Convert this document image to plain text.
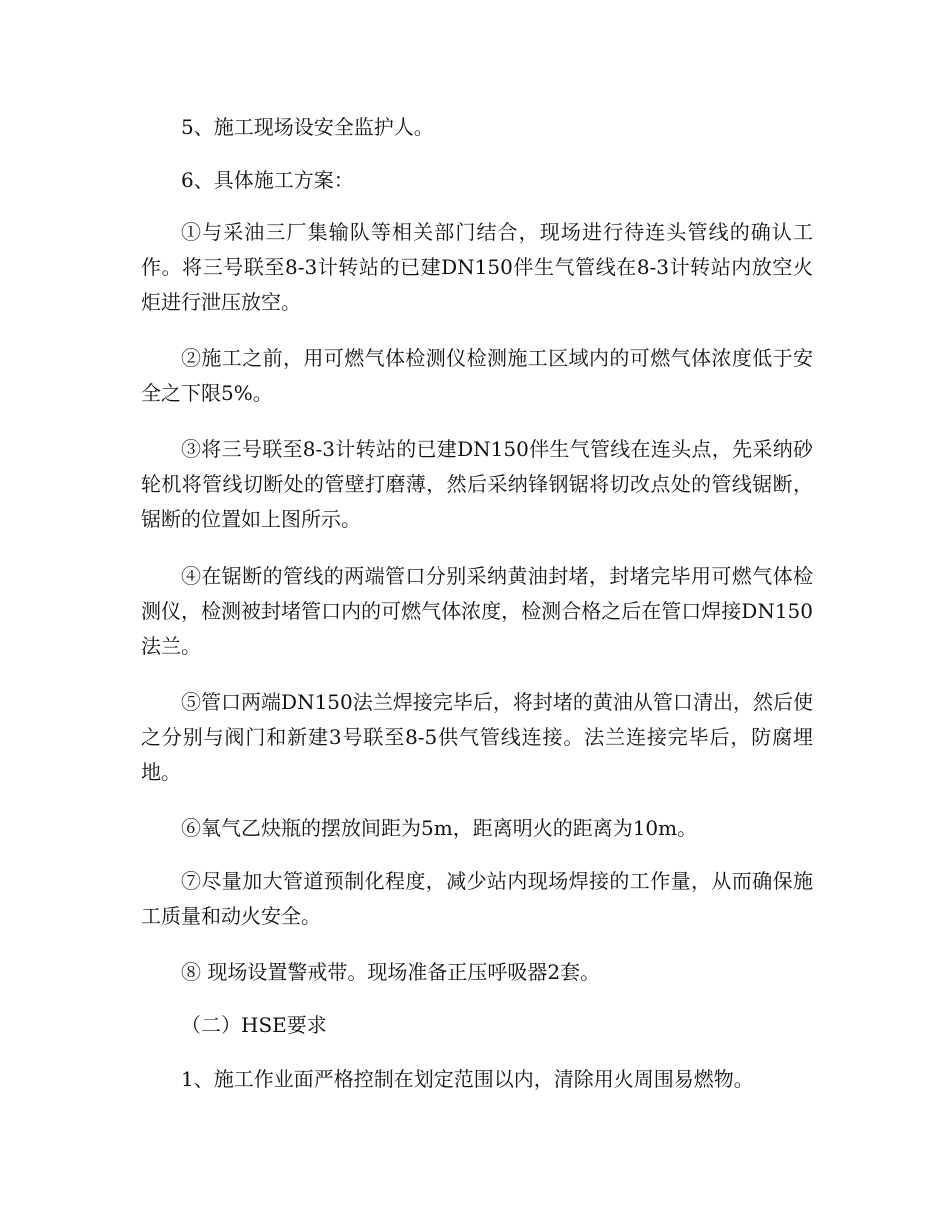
5、施工现场设安全监护人。

6、具体施工方案：

①与采油三厂集输队等相关部门结合，现场进行待连头管线的确认工作。将三号联至8-3计转站的已建DN150伴生气管线在8-3计转站内放空火炬进行泄压放空。

②施工之前，用可燃气体检测仪检测施工区域内的可燃气体浓度低于安全之下限5%。

③将三号联至8-3计转站的已建DN150伴生气管线在连头点，先采纳砂轮机将管线切断处的管壁打磨薄，然后采纳锋钢锯将切改点处的管线锯断，锯断的位置如上图所示。

④在锯断的管线的两端管口分别采纳黄油封堵，封堵完毕用可燃气体检测仪，检测被封堵管口内的可燃气体浓度，检测合格之后在管口焊接DN150法兰。

⑤管口两端DN150法兰焊接完毕后，将封堵的黄油从管口清出，然后使之分别与阀门和新建3号联至8-5供气管线连接。法兰连接完毕后，防腐埋地。

⑥氧气乙炔瓶的摆放间距为5m，距离明火的距离为10m。

⑦尽量加大管道预制化程度，减少站内现场焊接的工作量，从而确保施工质量和动火安全。

⑧ 现场设置警戒带。现场准备正压呼吸器2套。

（二）HSE要求

1、施工作业面严格控制在划定范围以内，清除用火周围易燃物。
